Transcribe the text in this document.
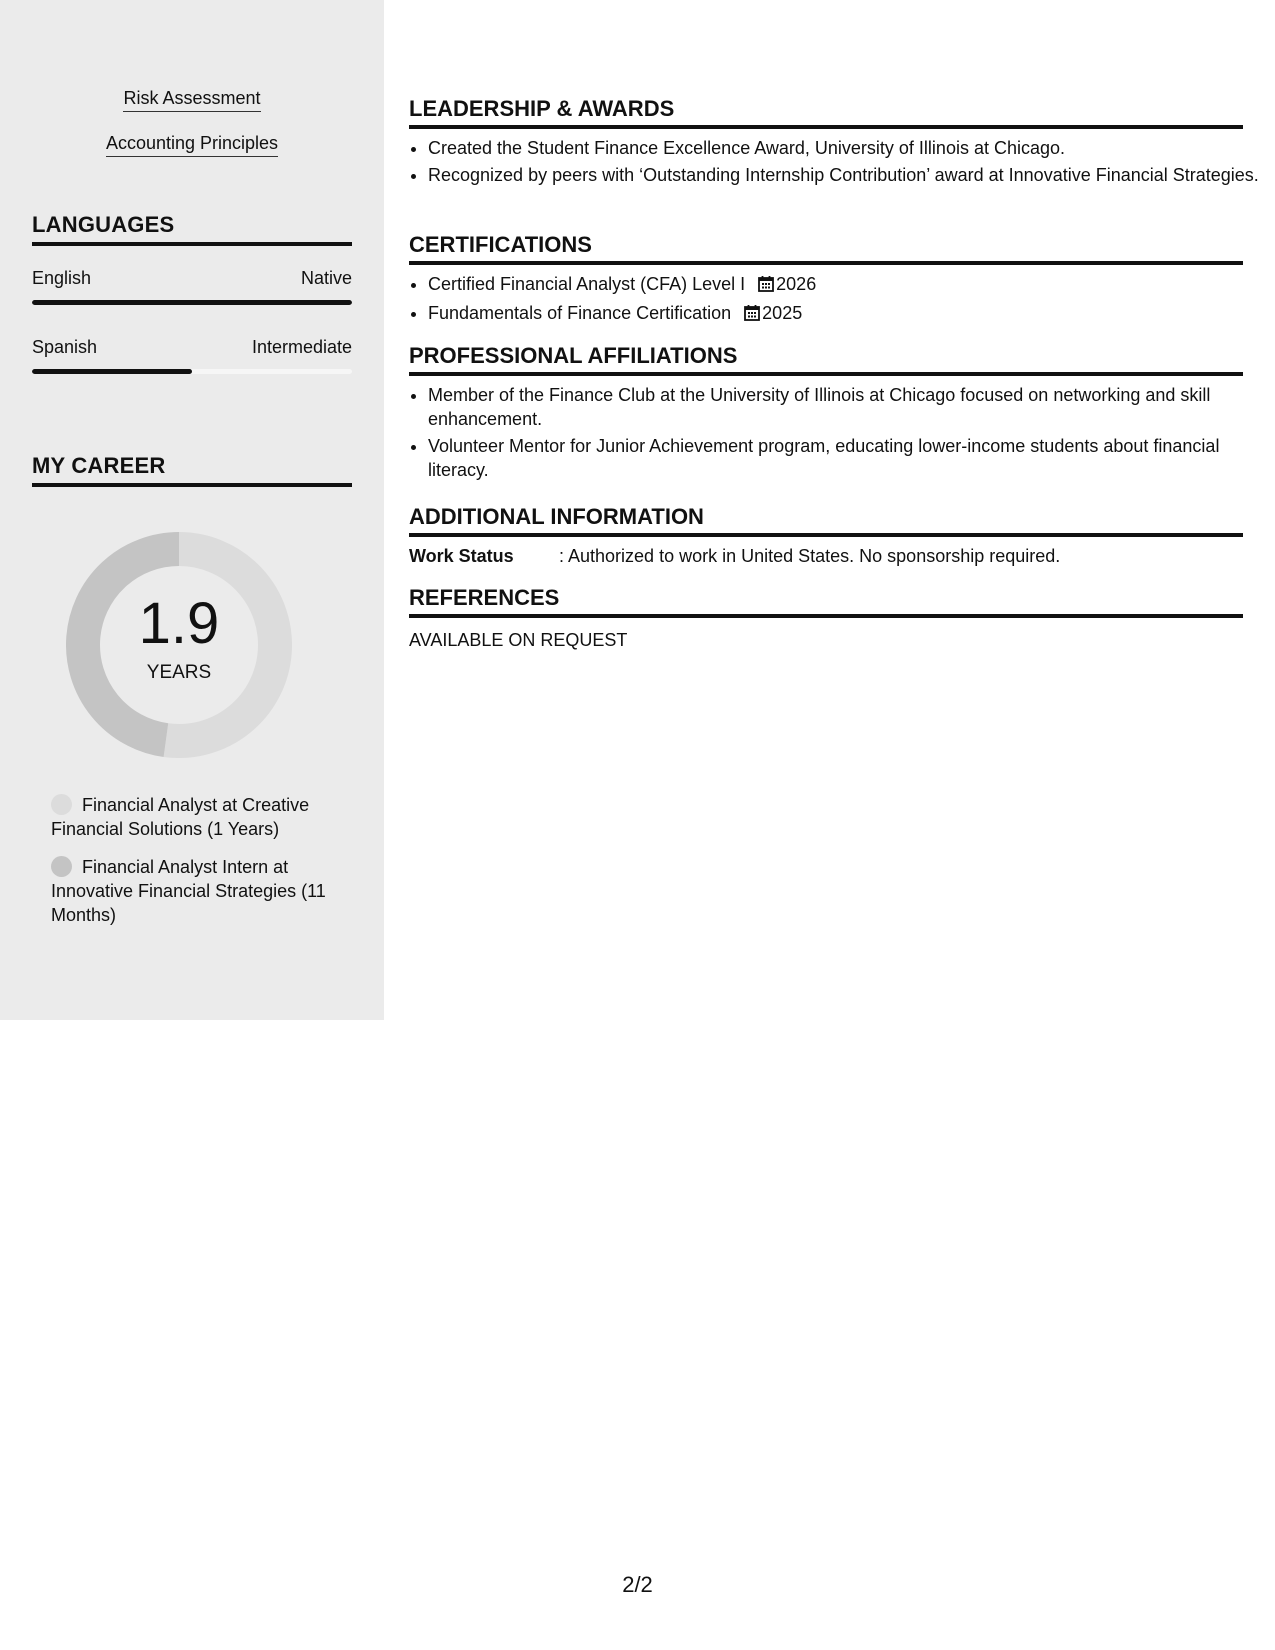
Risk Assessment
Accounting Principles
LANGUAGES
English	Native
Spanish	Intermediate
MY CAREER
1.9
YEARS
Financial Analyst at Creative Financial Solutions (1 Years)
Financial Analyst Intern at Innovative Financial Strategies (11 Months)
LEADERSHIP & AWARDS
• Created the Student Finance Excellence Award, University of Illinois at Chicago.
• Recognized by peers with ‘Outstanding Internship Contribution’ award at Innovative Financial Strategies.
CERTIFICATIONS
• Certified Financial Analyst (CFA) Level I 2026
• Fundamentals of Finance Certification 2025
PROFESSIONAL AFFILIATIONS
• Member of the Finance Club at the University of Illinois at Chicago focused on networking and skill enhancement.
• Volunteer Mentor for Junior Achievement program, educating lower-income students about financial literacy.
ADDITIONAL INFORMATION
Work Status	: Authorized to work in United States. No sponsorship required.
REFERENCES
AVAILABLE ON REQUEST
2/2
